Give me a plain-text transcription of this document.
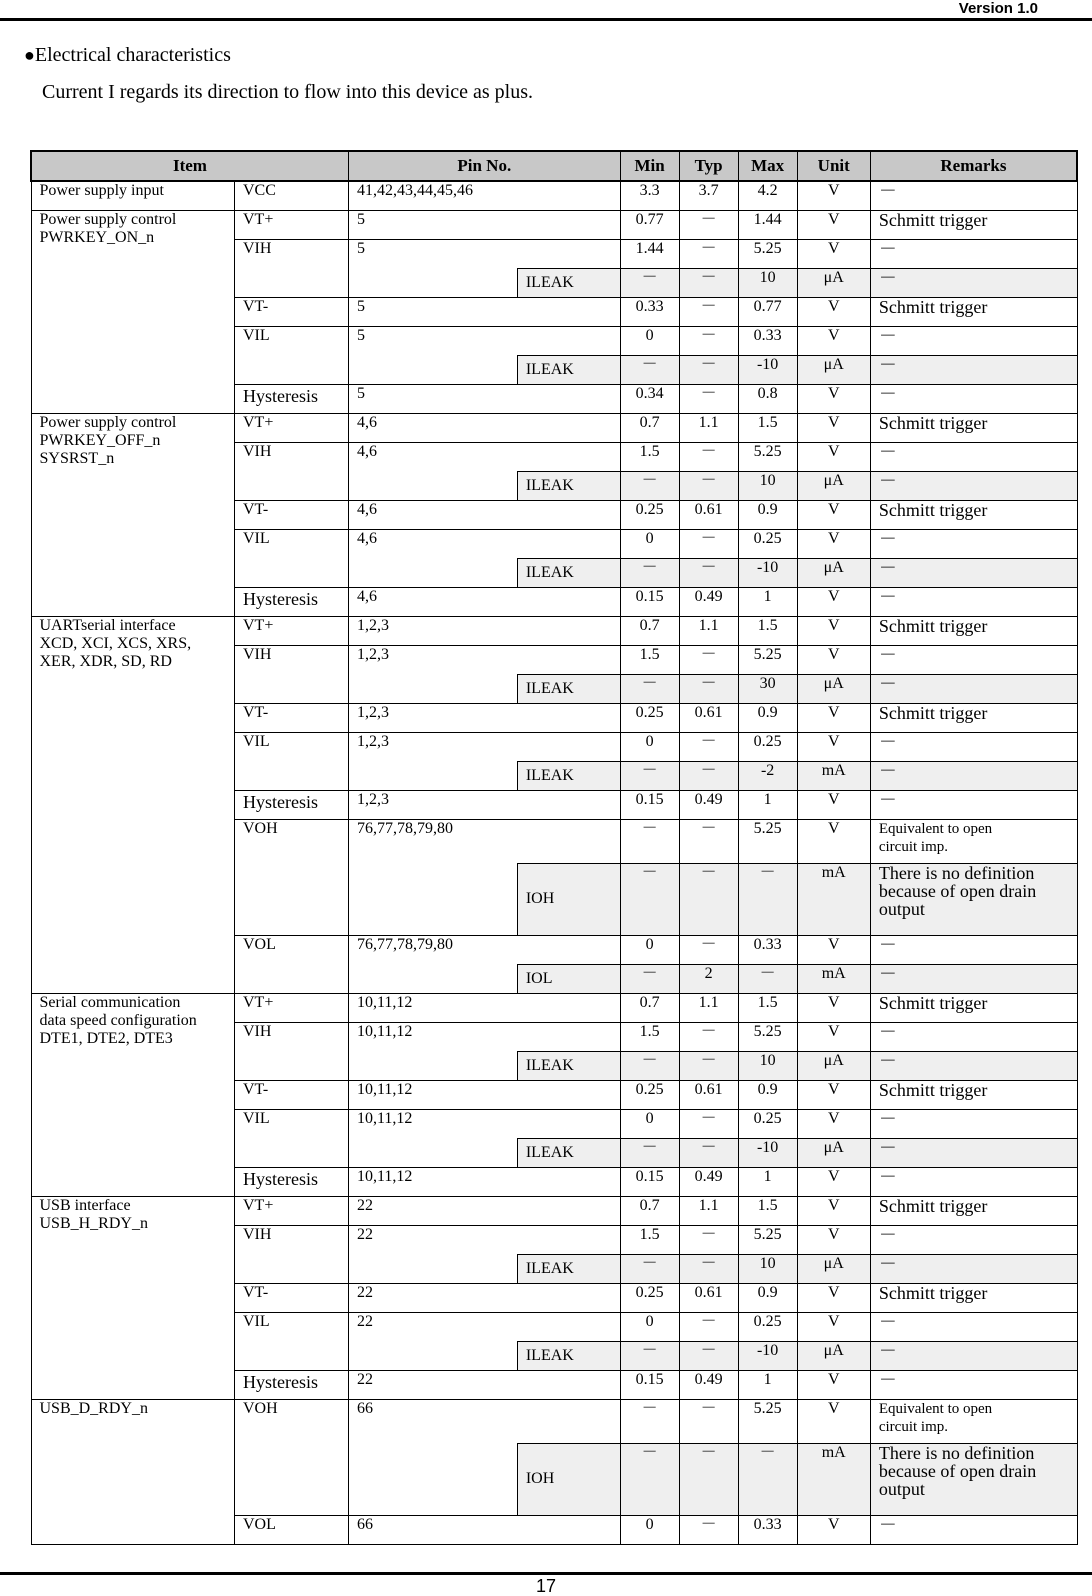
Version 1.0
●Electrical characteristics
Current I regards its direction to flow into this device as plus.
Item		Pin No.		Min	Typ	Max	Unit	Remarks
Power supply input	VCC	41,42,43,44,45,46		3.3	3.7	4.2	V	－
Power supply control
PWRKEY_ON_n	VT+	5		0.77	－	1.44	V	Schmitt trigger
	VIH	5		1.44	－	5.25	V	－
			ILEAK	－	－	10	μA	－
	VT-	5		0.33	－	0.77	V	Schmitt trigger
	VIL	5		0	－	0.33	V	－
			ILEAK	－	－	-10	μA	－
	Hysteresis	5		0.34	－	0.8	V	－
Power supply control
PWRKEY_OFF_n
SYSRST_n	VT+	4,6		0.7	1.1	1.5	V	Schmitt trigger
	VIH	4,6		1.5	－	5.25	V	－
			ILEAK	－	－	10	μA	－
	VT-	4,6		0.25	0.61	0.9	V	Schmitt trigger
	VIL	4,6		0	－	0.25	V	－
			ILEAK	－	－	-10	μA	－
	Hysteresis	4,6		0.15	0.49	1	V	－
UARTserial interface
XCD, XCI, XCS, XRS,
XER, XDR, SD, RD	VT+	1,2,3		0.7	1.1	1.5	V	Schmitt trigger
	VIH	1,2,3		1.5	－	5.25	V	－
			ILEAK	－	－	30	μA	－
	VT-	1,2,3		0.25	0.61	0.9	V	Schmitt trigger
	VIL	1,2,3		0	－	0.25	V	－
			ILEAK	－	－	-2	mA	－
	Hysteresis	1,2,3		0.15	0.49	1	V	－
	VOH	76,77,78,79,80		－	－	5.25	V	Equivalent to open
circuit imp.
			IOH	－	－	－	mA	There is no definition
because of open drain
output
	VOL	76,77,78,79,80		0	－	0.33	V	－
			IOL	－	2	－	mA	－
Serial communication
data speed configuration
DTE1, DTE2, DTE3	VT+	10,11,12		0.7	1.1	1.5	V	Schmitt trigger
	VIH	10,11,12		1.5	－	5.25	V	－
			ILEAK	－	－	10	μA	－
	VT-	10,11,12		0.25	0.61	0.9	V	Schmitt trigger
	VIL	10,11,12		0	－	0.25	V	－
			ILEAK	－	－	-10	μA	－
	Hysteresis	10,11,12		0.15	0.49	1	V	－
USB interface
USB_H_RDY_n	VT+	22		0.7	1.1	1.5	V	Schmitt trigger
	VIH	22		1.5	－	5.25	V	－
			ILEAK	－	－	10	μA	－
	VT-	22		0.25	0.61	0.9	V	Schmitt trigger
	VIL	22		0	－	0.25	V	－
			ILEAK	－	－	-10	μA	－
	Hysteresis	22		0.15	0.49	1	V	－
USB_D_RDY_n	VOH	66		－	－	5.25	V	Equivalent to open
circuit imp.
			IOH	－	－	－	mA	There is no definition
because of open drain
output
	VOL	66		0	－	0.33	V	－
17
